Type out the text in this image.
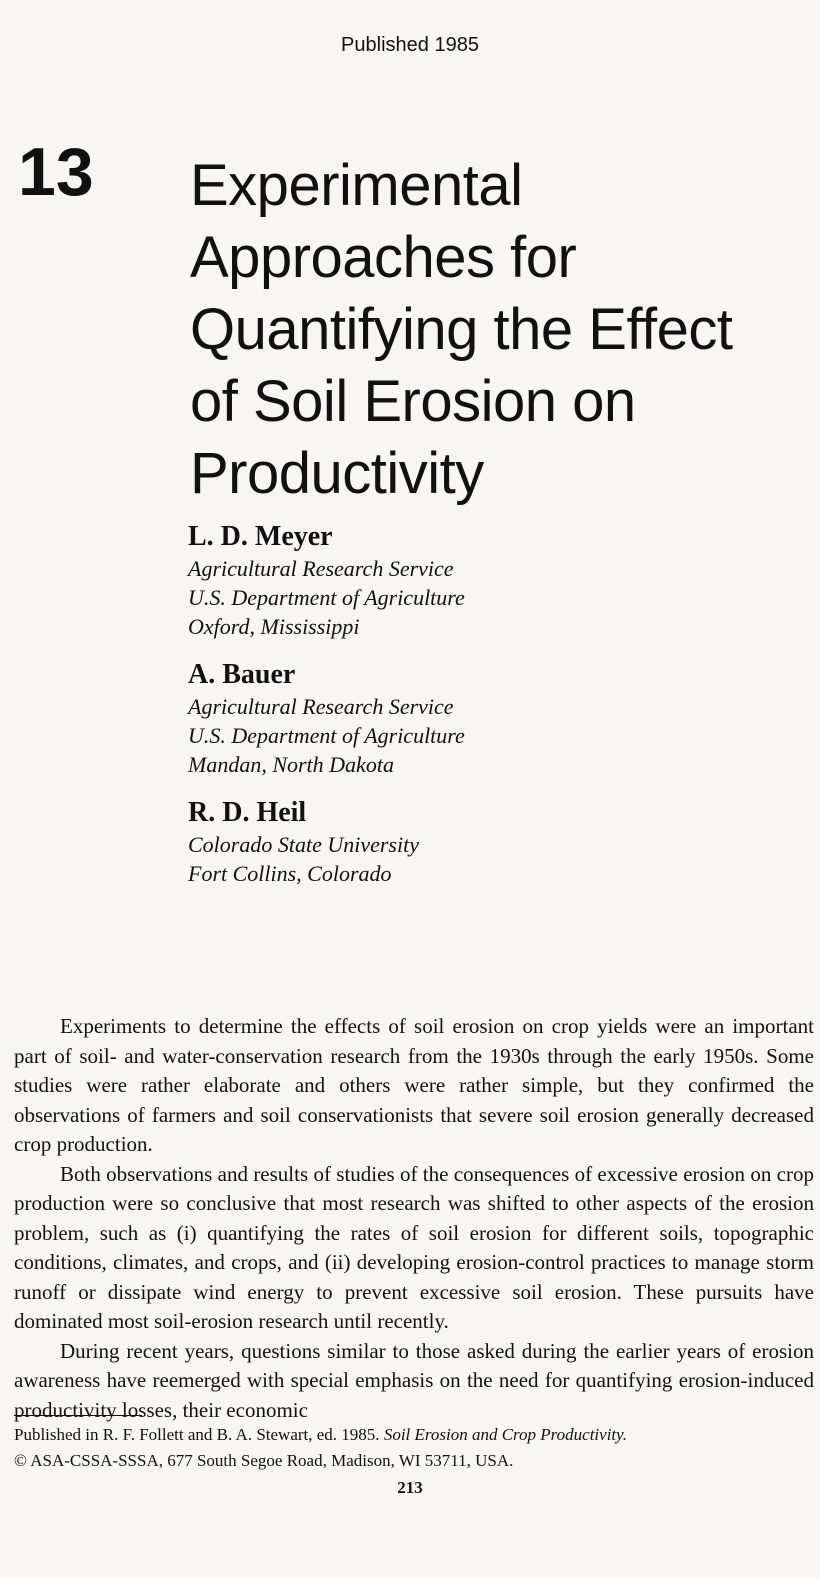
Published 1985
13 Experimental
Approaches for
Quantifying the Effect
of Soil Erosion on
Productivity
L. D. Meyer
Agricultural Research Service
U.S. Department of Agriculture
Oxford, Mississippi
A. Bauer
Agricultural Research Service
U.S. Department of Agriculture
Mandan, North Dakota
R. D. Heil
Colorado State University
Fort Collins, Colorado

Experiments to determine the effects of soil erosion on crop yields were an important part of soil- and water-conservation research from the 1930s through the early 1950s. Some studies were rather elaborate and others were rather simple, but they confirmed the observations of farmers and soil conservationists that severe soil erosion generally decreased crop production.

Both observations and results of studies of the consequences of excessive erosion on crop production were so conclusive that most research was shifted to other aspects of the erosion problem, such as (i) quantifying the rates of soil erosion for different soils, topographic conditions, climates, and crops, and (ii) developing erosion-control practices to manage storm runoff or dissipate wind energy to prevent excessive soil erosion. These pursuits have dominated most soil-erosion research until recently.

During recent years, questions similar to those asked during the earlier years of erosion awareness have reemerged with special emphasis on the need for quantifying erosion-induced productivity losses, their economic

Published in R. F. Follett and B. A. Stewart, ed. 1985. Soil Erosion and Crop Productivity.
© ASA-CSSA-SSSA, 677 South Segoe Road, Madison, WI 53711, USA.
213
